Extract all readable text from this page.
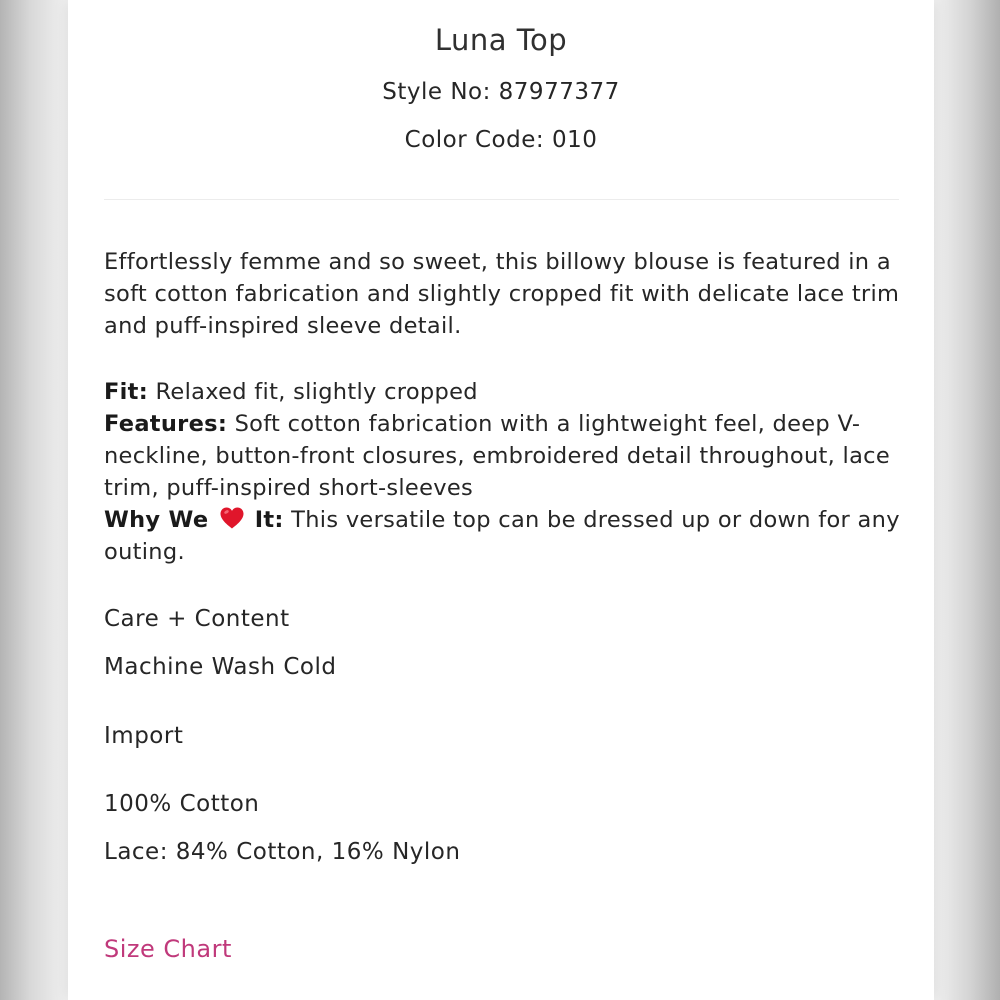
Luna Top
Style No: 87977377
Color Code: 010

Effortlessly femme and so sweet, this billowy blouse is featured in a soft cotton fabrication and slightly cropped fit with delicate lace trim and puff-inspired sleeve detail.

Fit: Relaxed fit, slightly cropped
Features: Soft cotton fabrication with a lightweight feel, deep V-neckline, button-front closures, embroidered detail throughout, lace trim, puff-inspired short-sleeves
Why We It: This versatile top can be dressed up or down for any outing.

Care + Content
Machine Wash Cold
Import
100% Cotton
Lace: 84% Cotton, 16% Nylon
Size Chart
